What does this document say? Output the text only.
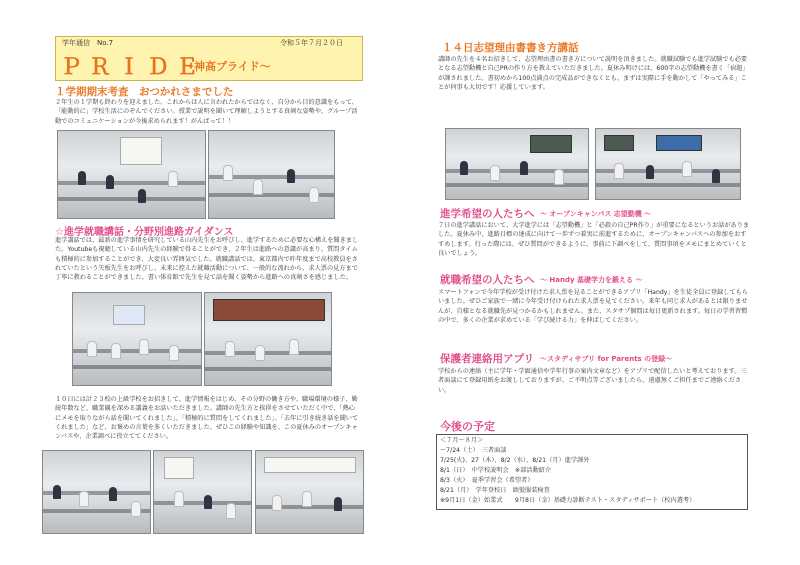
学年通信　No.7	令和５年７月２０日
ＰＲＩＤＥ
～神高プライド～
１学期期末考査　おつかれさまでした
２年生の１学期も終わりを迎えました。これからは人に言われたからではなく、自分から目的意識をもって、「能動的に」学校生活にのぞんでください。授業で説明を聞いて理解しようとする真剣な姿勢や、グループ活動でのコミュニケーションが今後求められます！がんばって！！
☆進学就職講話・分野別進路ガイダンス
進学講話では、最新の進学事情を研究している山内先生をお呼びし、進学するために必要な心構えを聞きました。Youtubeも視聴している山内先生の経験で得ることができ、２年生は進路への意識が高まり、質問タイムも積極的に参加することができ、大変良い雰囲気でした。就職講話では、東京都内で昨年度まで高校教員をされていたという矢板先生をお呼びし、未来に控えた就職活動について、一般的な流れから、求人票の見方まで丁寧に教わることができました。書い体育館で先生を見て話を聞く姿勢から進路への真剣さを感じました。
１０日には計２３校の上級学校をお招きして、進学情報をはじめ、その分野の働き方や、職場環境の様子、勤続年数など、職業観を深める講義をお話いただきました。講師の先生方と挨拶をさせていただく中で、「熱心にメモを取りながら話を聞いてくれました」、「積極的に質問をしてくれました」、「去年に引き続き話を聞いてくれました」など、お褒めの言葉を多くいただきました。ぜひこの経験や知識を、この夏休みのオープンキャンパスや、企業調べに役立ててください。
１４日志望理由書書き方講話
講師の先生を４名お招きして、志望理由書の書き方について説明を頂きました。就職試験でも進学試験でも必要となる志望動機と自己PRの作り方を教えていただきました。夏休み明けには、600字の志望動機を書く「宿題」が課されました。書初めから100点満点の完成品ができなくとも、まずは実際に手を動かして「やってみる」ことが何事も大切です！応援しています。
進学希望の人たちへ ～ オープンキャンパス 志望動機 ～
７日の進学講話において、大学進学には「志望動機」と「必殺の自己PR作り」が重要になるというお話がありました。夏休み中、進路目標の達成に向けて一歩ずつ着実に前進するために、オープンキャンパスへの参加をおすすめします。行った際には、ぜひ質問ができるように、事前に下調べをして、質問事項をメモにまとめていくと良いでしょう。
就職希望の人たちへ ～ Handy 基礎学力を鍛える ～
スマートフォンで今年学校が受け付けた求人票を見ることができるアプリ「Handy」を生徒全員に登録してもらいました。ぜひご家族で一緒に今年受け付けられた求人票を見てください。来年も同じ求人があるとは限りませんが、自様となる就職先が見つかるかもしれません。また、スタサプ個問は毎日更新されます。毎日の学習習慣の中で、多くの企業が求めている「学び続ける力」を伸ばしてください。
保護者連絡用アプリ ～スタディサプリ for Parents の登録～
学校からの連絡（主に学年・学級通信や学年行事の案内文章など）をアプリで配信したいと考えております。三者面談にて登録用紙をお渡ししておりますが、ご不明点等ございましたら、遠慮無くご担任までご連絡ください。
今後の予定
＜７月～８月＞
～7/24（土）　三者面談
7/25(火)、27（木）、8/2（水）、8/21（月）進学課外
8/1（日）　中学校説明会　※部活動紹介
8/3（火）　夏季学習会（希望者）
8/21（月）　学年登校日　頭髪服装検査
※9月1日（金）始業式　　9月8日（金）基礎力診断テスト・スタディサポート（校内選考）
